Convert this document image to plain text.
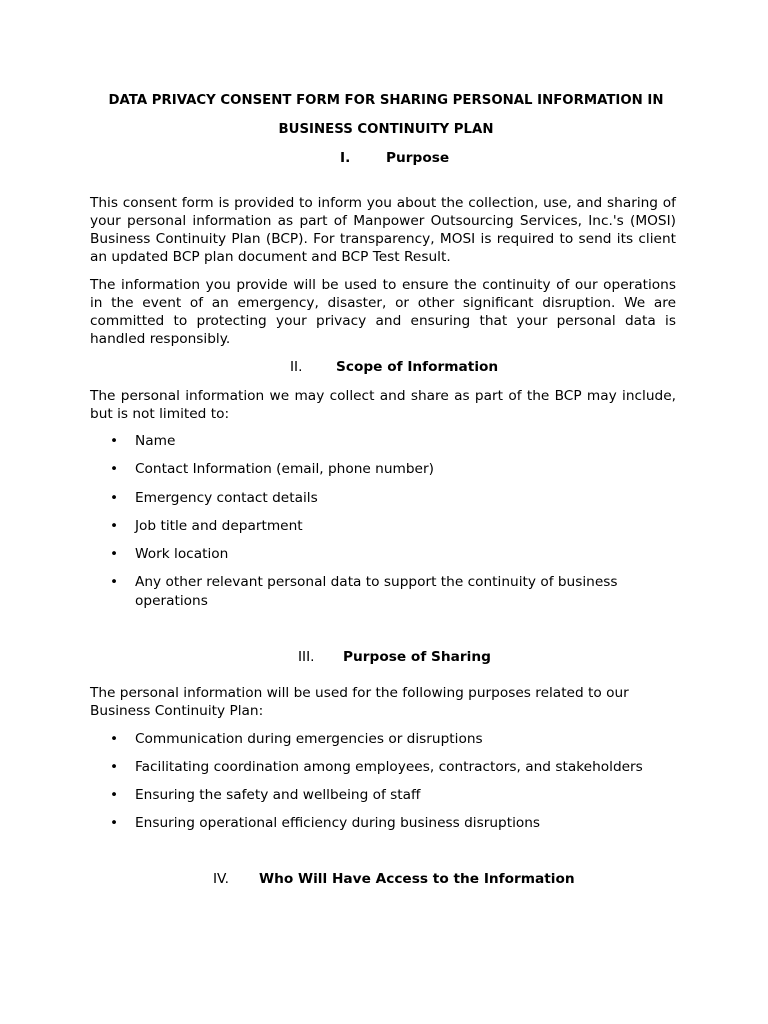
DATA PRIVACY CONSENT FORM FOR SHARING PERSONAL INFORMATION IN
BUSINESS CONTINUITY PLAN
I.	Purpose
This consent form is provided to inform you about the collection, use, and sharing of your personal information as part of Manpower Outsourcing Services, Inc.'s (MOSI) Business Continuity Plan (BCP). For transparency, MOSI is required to send its client an updated BCP plan document and BCP Test Result.
The information you provide will be used to ensure the continuity of our operations in the event of an emergency, disaster, or other significant disruption. We are committed to protecting your privacy and ensuring that your personal data is handled responsibly.
II. Scope of Information
The personal information we may collect and share as part of the BCP may include, but is not limited to:
• Name
• Contact Information (email, phone number)
• Emergency contact details
• Job title and department
• Work location
• Any other relevant personal data to support the continuity of business operations
III. Purpose of Sharing
The personal information will be used for the following purposes related to our Business Continuity Plan:
• Communication during emergencies or disruptions
• Facilitating coordination among employees, contractors, and stakeholders
• Ensuring the safety and wellbeing of staff
• Ensuring operational efficiency during business disruptions
IV. Who Will Have Access to the Information
